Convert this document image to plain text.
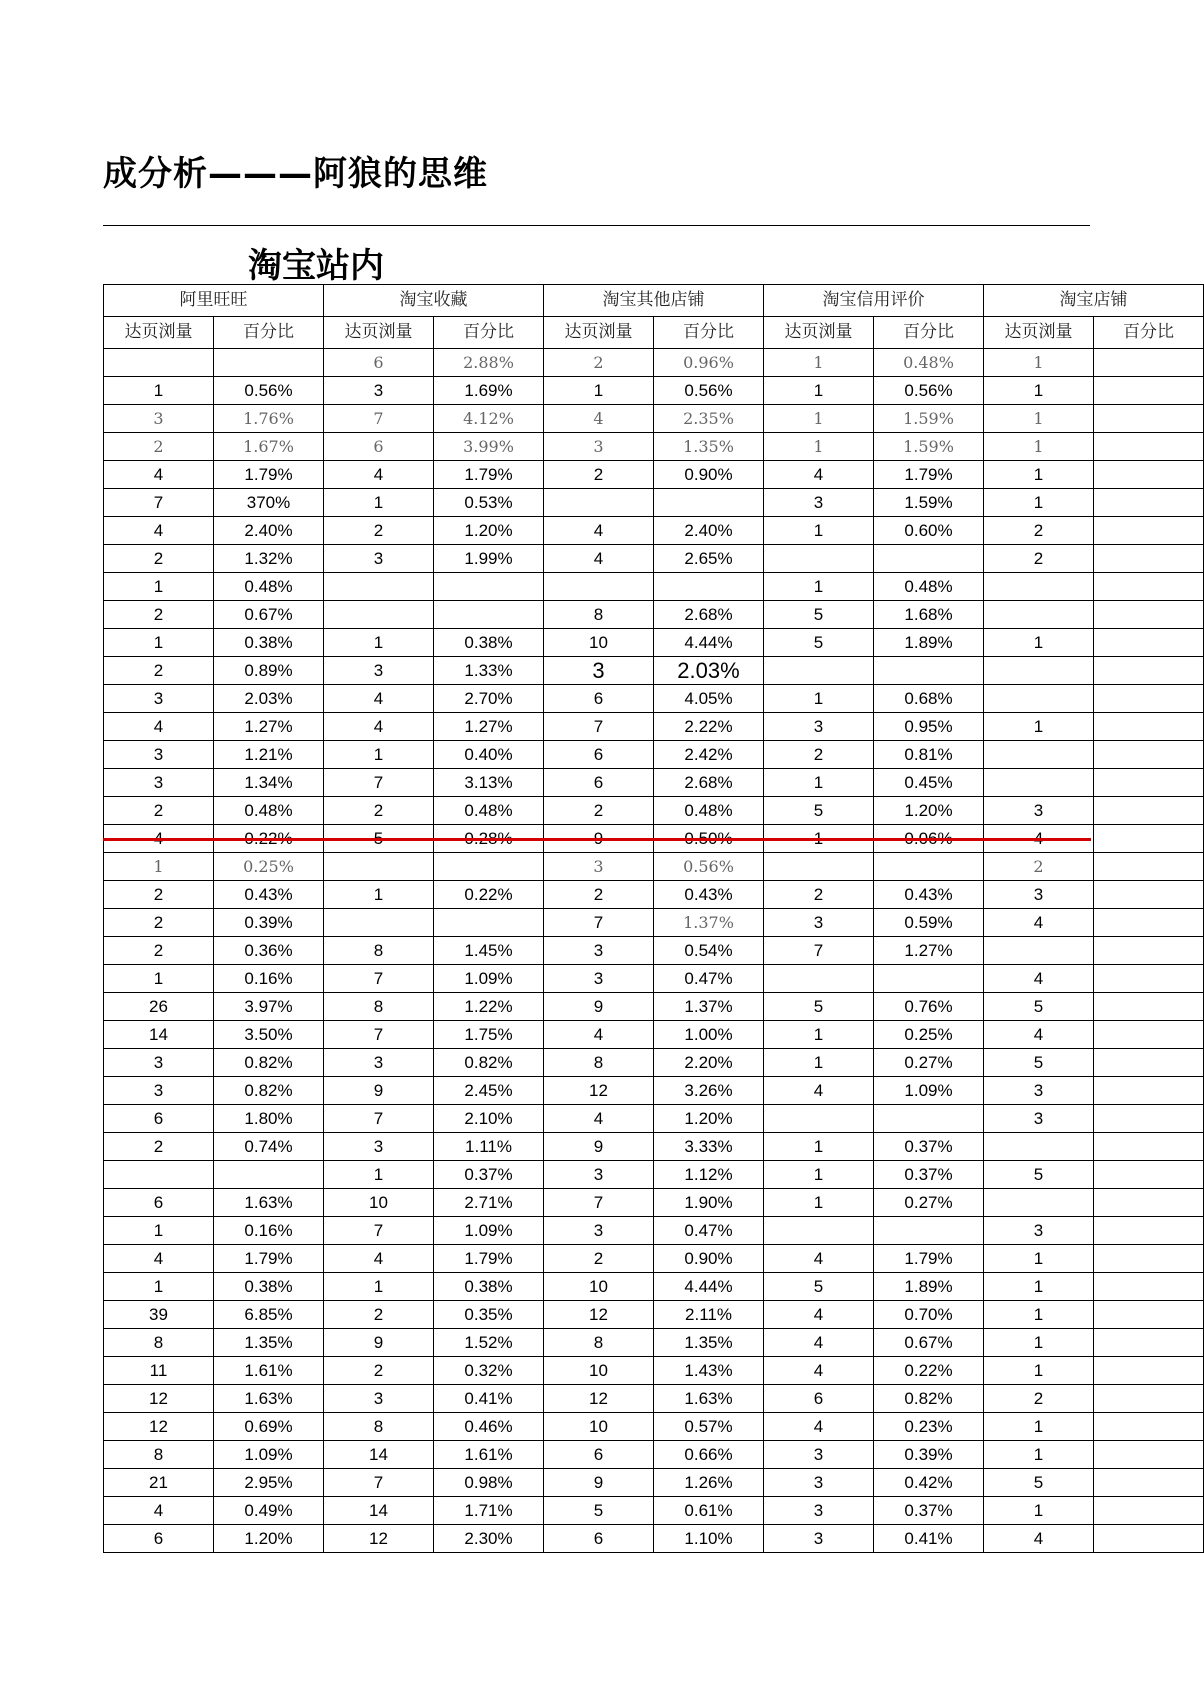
成分析———阿狼的思维
淘宝站内
阿里旺旺		淘宝收藏		淘宝其他店铺		淘宝信用评价		淘宝店铺	
达页浏量	百分比	达页浏量	百分比	达页浏量	百分比	达页浏量	百分比	达页浏量	百分比
		6	2.88%	2	0.96%	1	0.48%	1	
1	0.56%	3	1.69%	1	0.56%	1	0.56%	1	
3	1.76%	7	4.12%	4	2.35%	1	1.59%	1	
2	1.67%	6	3.99%	3	1.35%	1	1.59%	1	
4	1.79%	4	1.79%	2	0.90%	4	1.79%	1	
7	370%	1	0.53%			3	1.59%	1	
4	2.40%	2	1.20%	4	2.40%	1	0.60%	2	
2	1.32%	3	1.99%	4	2.65%			2	
1	0.48%					1	0.48%		
2	0.67%			8	2.68%	5	1.68%		
1	0.38%	1	0.38%	10	4.44%	5	1.89%	1	
2	0.89%	3	1.33%	3	2.03%				
3	2.03%	4	2.70%	6	4.05%	1	0.68%		
4	1.27%	4	1.27%	7	2.22%	3	0.95%	1	
3	1.21%	1	0.40%	6	2.42%	2	0.81%		
3	1.34%	7	3.13%	6	2.68%	1	0.45%		
2	0.48%	2	0.48%	2	0.48%	5	1.20%	3	
4	0.22%	5	0.28%	9	0.50%	1	0.06%	4	
1	0.25%			3	0.56%			2	
2	0.43%	1	0.22%	2	0.43%	2	0.43%	3	
2	0.39%			7	1.37%	3	0.59%	4	
2	0.36%	8	1.45%	3	0.54%	7	1.27%		
1	0.16%	7	1.09%	3	0.47%			4	
26	3.97%	8	1.22%	9	1.37%	5	0.76%	5	
14	3.50%	7	1.75%	4	1.00%	1	0.25%	4	
3	0.82%	3	0.82%	8	2.20%	1	0.27%	5	
3	0.82%	9	2.45%	12	3.26%	4	1.09%	3	
6	1.80%	7	2.10%	4	1.20%			3	
2	0.74%	3	1.11%	9	3.33%	1	0.37%		
		1	0.37%	3	1.12%	1	0.37%	5	
6	1.63%	10	2.71%	7	1.90%	1	0.27%		
1	0.16%	7	1.09%	3	0.47%			3	
4	1.79%	4	1.79%	2	0.90%	4	1.79%	1	
1	0.38%	1	0.38%	10	4.44%	5	1.89%	1	
39	6.85%	2	0.35%	12	2.11%	4	0.70%	1	
8	1.35%	9	1.52%	8	1.35%	4	0.67%	1	
11	1.61%	2	0.32%	10	1.43%	4	0.22%	1	
12	1.63%	3	0.41%	12	1.63%	6	0.82%	2	
12	0.69%	8	0.46%	10	0.57%	4	0.23%	1	
8	1.09%	14	1.61%	6	0.66%	3	0.39%	1	
21	2.95%	7	0.98%	9	1.26%	3	0.42%	5	
4	0.49%	14	1.71%	5	0.61%	3	0.37%	1	
6	1.20%	12	2.30%	6	1.10%	3	0.41%	4	
